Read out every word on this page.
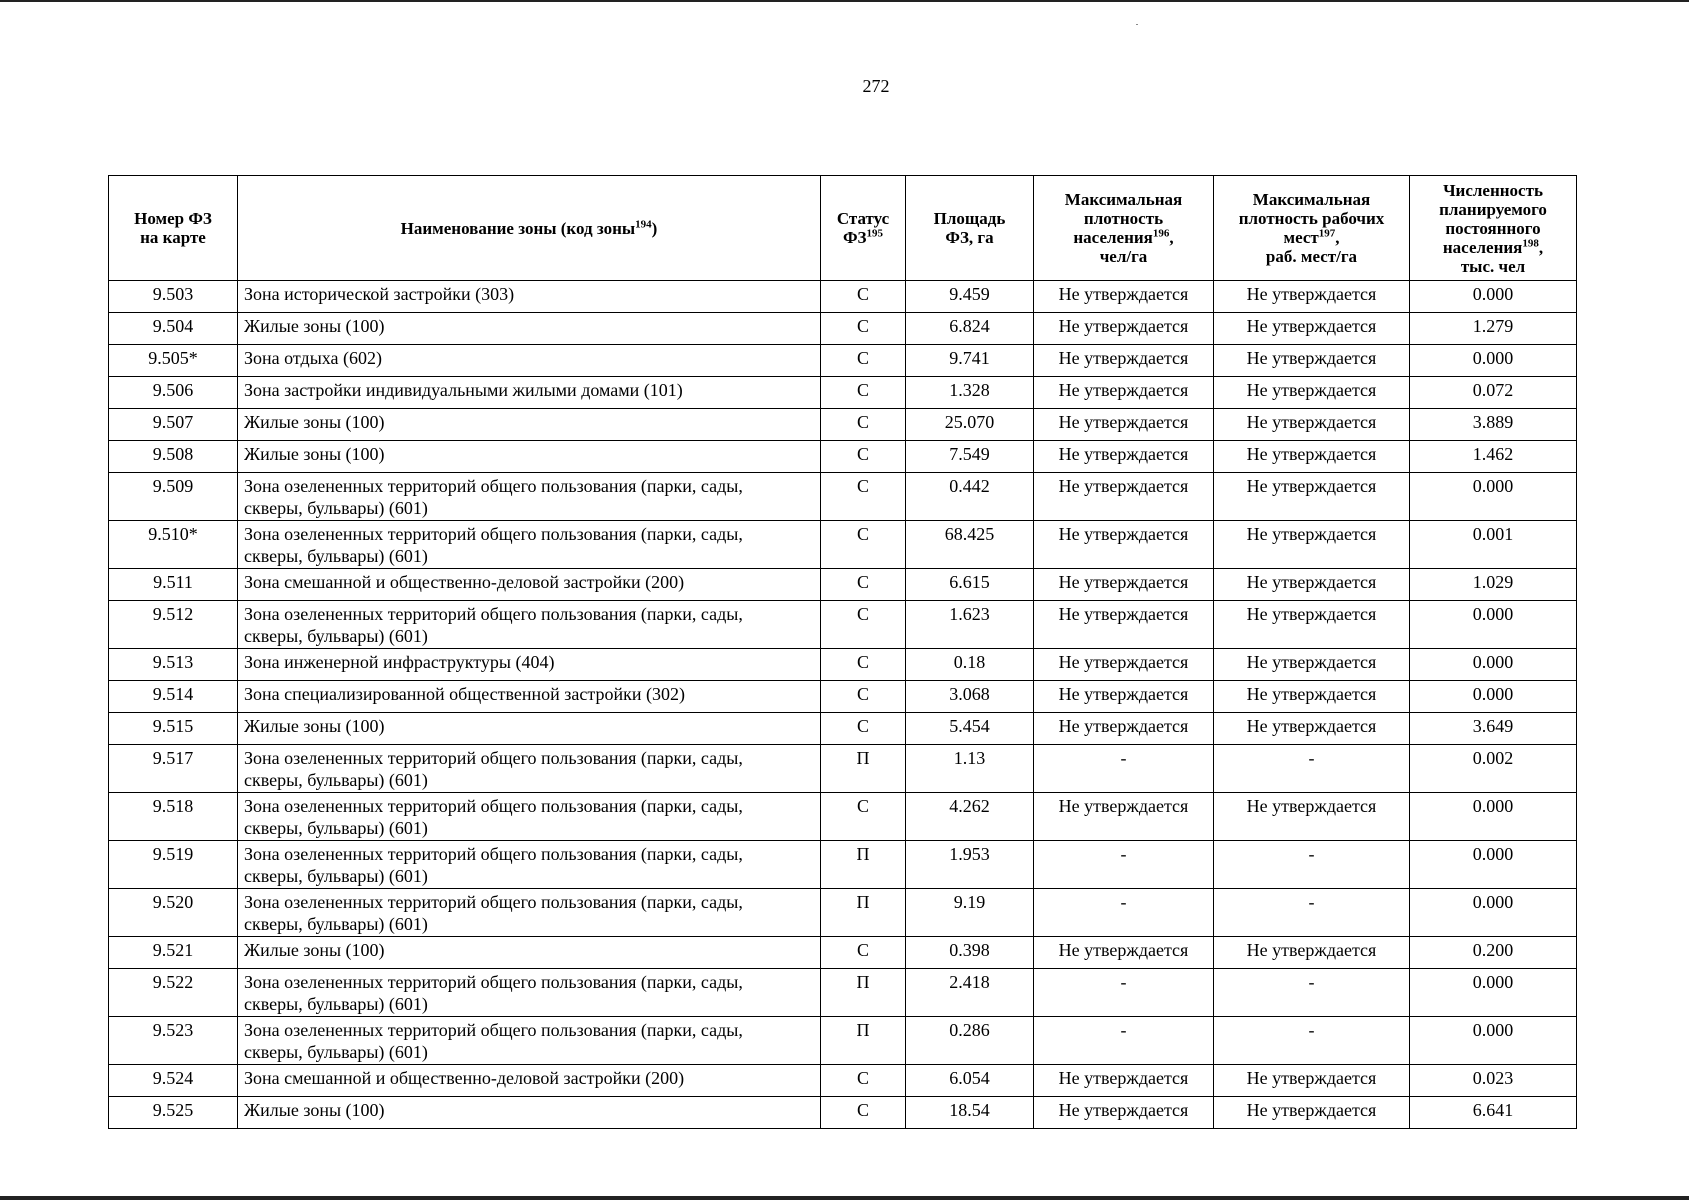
272
Номер ФЗ
на карте	Наименование зоны (код зоны$^{194}$)	Статус
ФЗ$^{195}$	Площадь
ФЗ, га	Максимальная
плотность
населения$^{196}$,
чел/га	Максимальная
плотность рабочих
мест$^{197}$,
раб. мест/га	Численность
планируемого
постоянного
населения$^{198}$,
тыс. чел
9.503	Зона исторической застройки (303)	С	9.459	Не утверждается	Не утверждается	0.000
9.504	Жилые зоны (100)	С	6.824	Не утверждается	Не утверждается	1.279
9.505*	Зона отдыха (602)	С	9.741	Не утверждается	Не утверждается	0.000
9.506	Зона застройки индивидуальными жилыми домами (101)	С	1.328	Не утверждается	Не утверждается	0.072
9.507	Жилые зоны (100)	С	25.070	Не утверждается	Не утверждается	3.889
9.508	Жилые зоны (100)	С	7.549	Не утверждается	Не утверждается	1.462
9.509	Зона озелененных территорий общего пользования (парки, сады,
скверы, бульвары) (601)	С	0.442	Не утверждается	Не утверждается	0.000
9.510*	Зона озелененных территорий общего пользования (парки, сады,
скверы, бульвары) (601)	С	68.425	Не утверждается	Не утверждается	0.001
9.511	Зона смешанной и общественно-деловой застройки (200)	С	6.615	Не утверждается	Не утверждается	1.029
9.512	Зона озелененных территорий общего пользования (парки, сады,
скверы, бульвары) (601)	С	1.623	Не утверждается	Не утверждается	0.000
9.513	Зона инженерной инфраструктуры (404)	С	0.18	Не утверждается	Не утверждается	0.000
9.514	Зона специализированной общественной застройки (302)	С	3.068	Не утверждается	Не утверждается	0.000
9.515	Жилые зоны (100)	С	5.454	Не утверждается	Не утверждается	3.649
9.517	Зона озелененных территорий общего пользования (парки, сады,
скверы, бульвары) (601)	П	1.13	-	-	0.002
9.518	Зона озелененных территорий общего пользования (парки, сады,
скверы, бульвары) (601)	С	4.262	Не утверждается	Не утверждается	0.000
9.519	Зона озелененных территорий общего пользования (парки, сады,
скверы, бульвары) (601)	П	1.953	-	-	0.000
9.520	Зона озелененных территорий общего пользования (парки, сады,
скверы, бульвары) (601)	П	9.19	-	-	0.000
9.521	Жилые зоны (100)	С	0.398	Не утверждается	Не утверждается	0.200
9.522	Зона озелененных территорий общего пользования (парки, сады,
скверы, бульвары) (601)	П	2.418	-	-	0.000
9.523	Зона озелененных территорий общего пользования (парки, сады,
скверы, бульвары) (601)	П	0.286	-	-	0.000
9.524	Зона смешанной и общественно-деловой застройки (200)	С	6.054	Не утверждается	Не утверждается	0.023
9.525	Жилые зоны (100)	С	18.54	Не утверждается	Не утверждается	6.641
